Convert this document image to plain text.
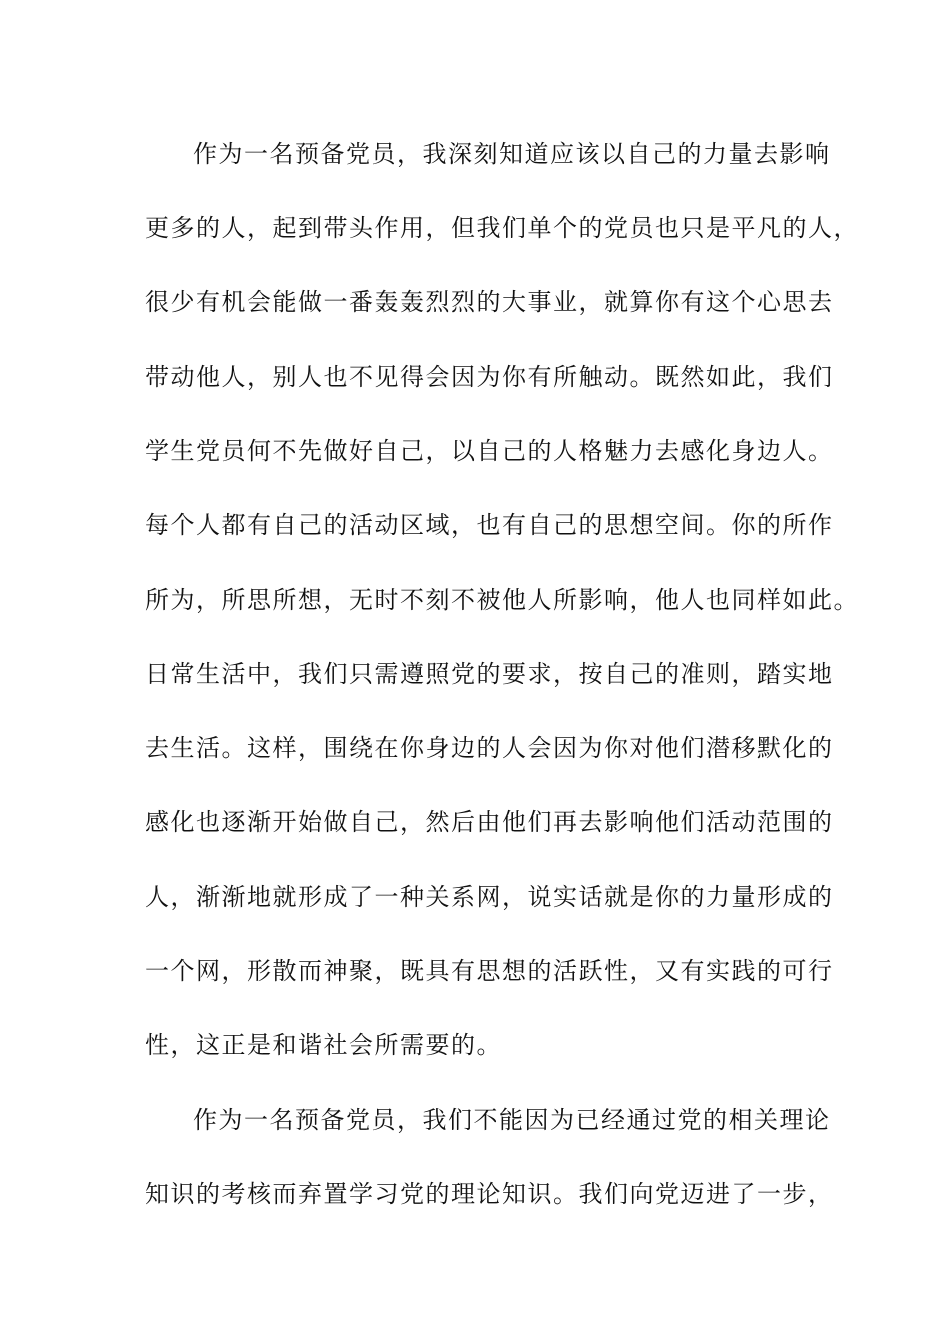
作为一名预备党员，我深刻知道应该以自己的力量去影响
更多的人，起到带头作用，但我们单个的党员也只是平凡的人，
很少有机会能做一番轰轰烈烈的大事业，就算你有这个心思去
带动他人，别人也不见得会因为你有所触动。既然如此，我们
学生党员何不先做好自己，以自己的人格魅力去感化身边人。
每个人都有自己的活动区域，也有自己的思想空间。你的所作
所为，所思所想，无时不刻不被他人所影响，他人也同样如此。
日常生活中，我们只需遵照党的要求，按自己的准则，踏实地
去生活。这样，围绕在你身边的人会因为你对他们潜移默化的
感化也逐渐开始做自己，然后由他们再去影响他们活动范围的
人，渐渐地就形成了一种关系网，说实话就是你的力量形成的
一个网，形散而神聚，既具有思想的活跃性，又有实践的可行
性，这正是和谐社会所需要的。
作为一名预备党员，我们不能因为已经通过党的相关理论
知识的考核而弃置学习党的理论知识。我们向党迈进了一步，
